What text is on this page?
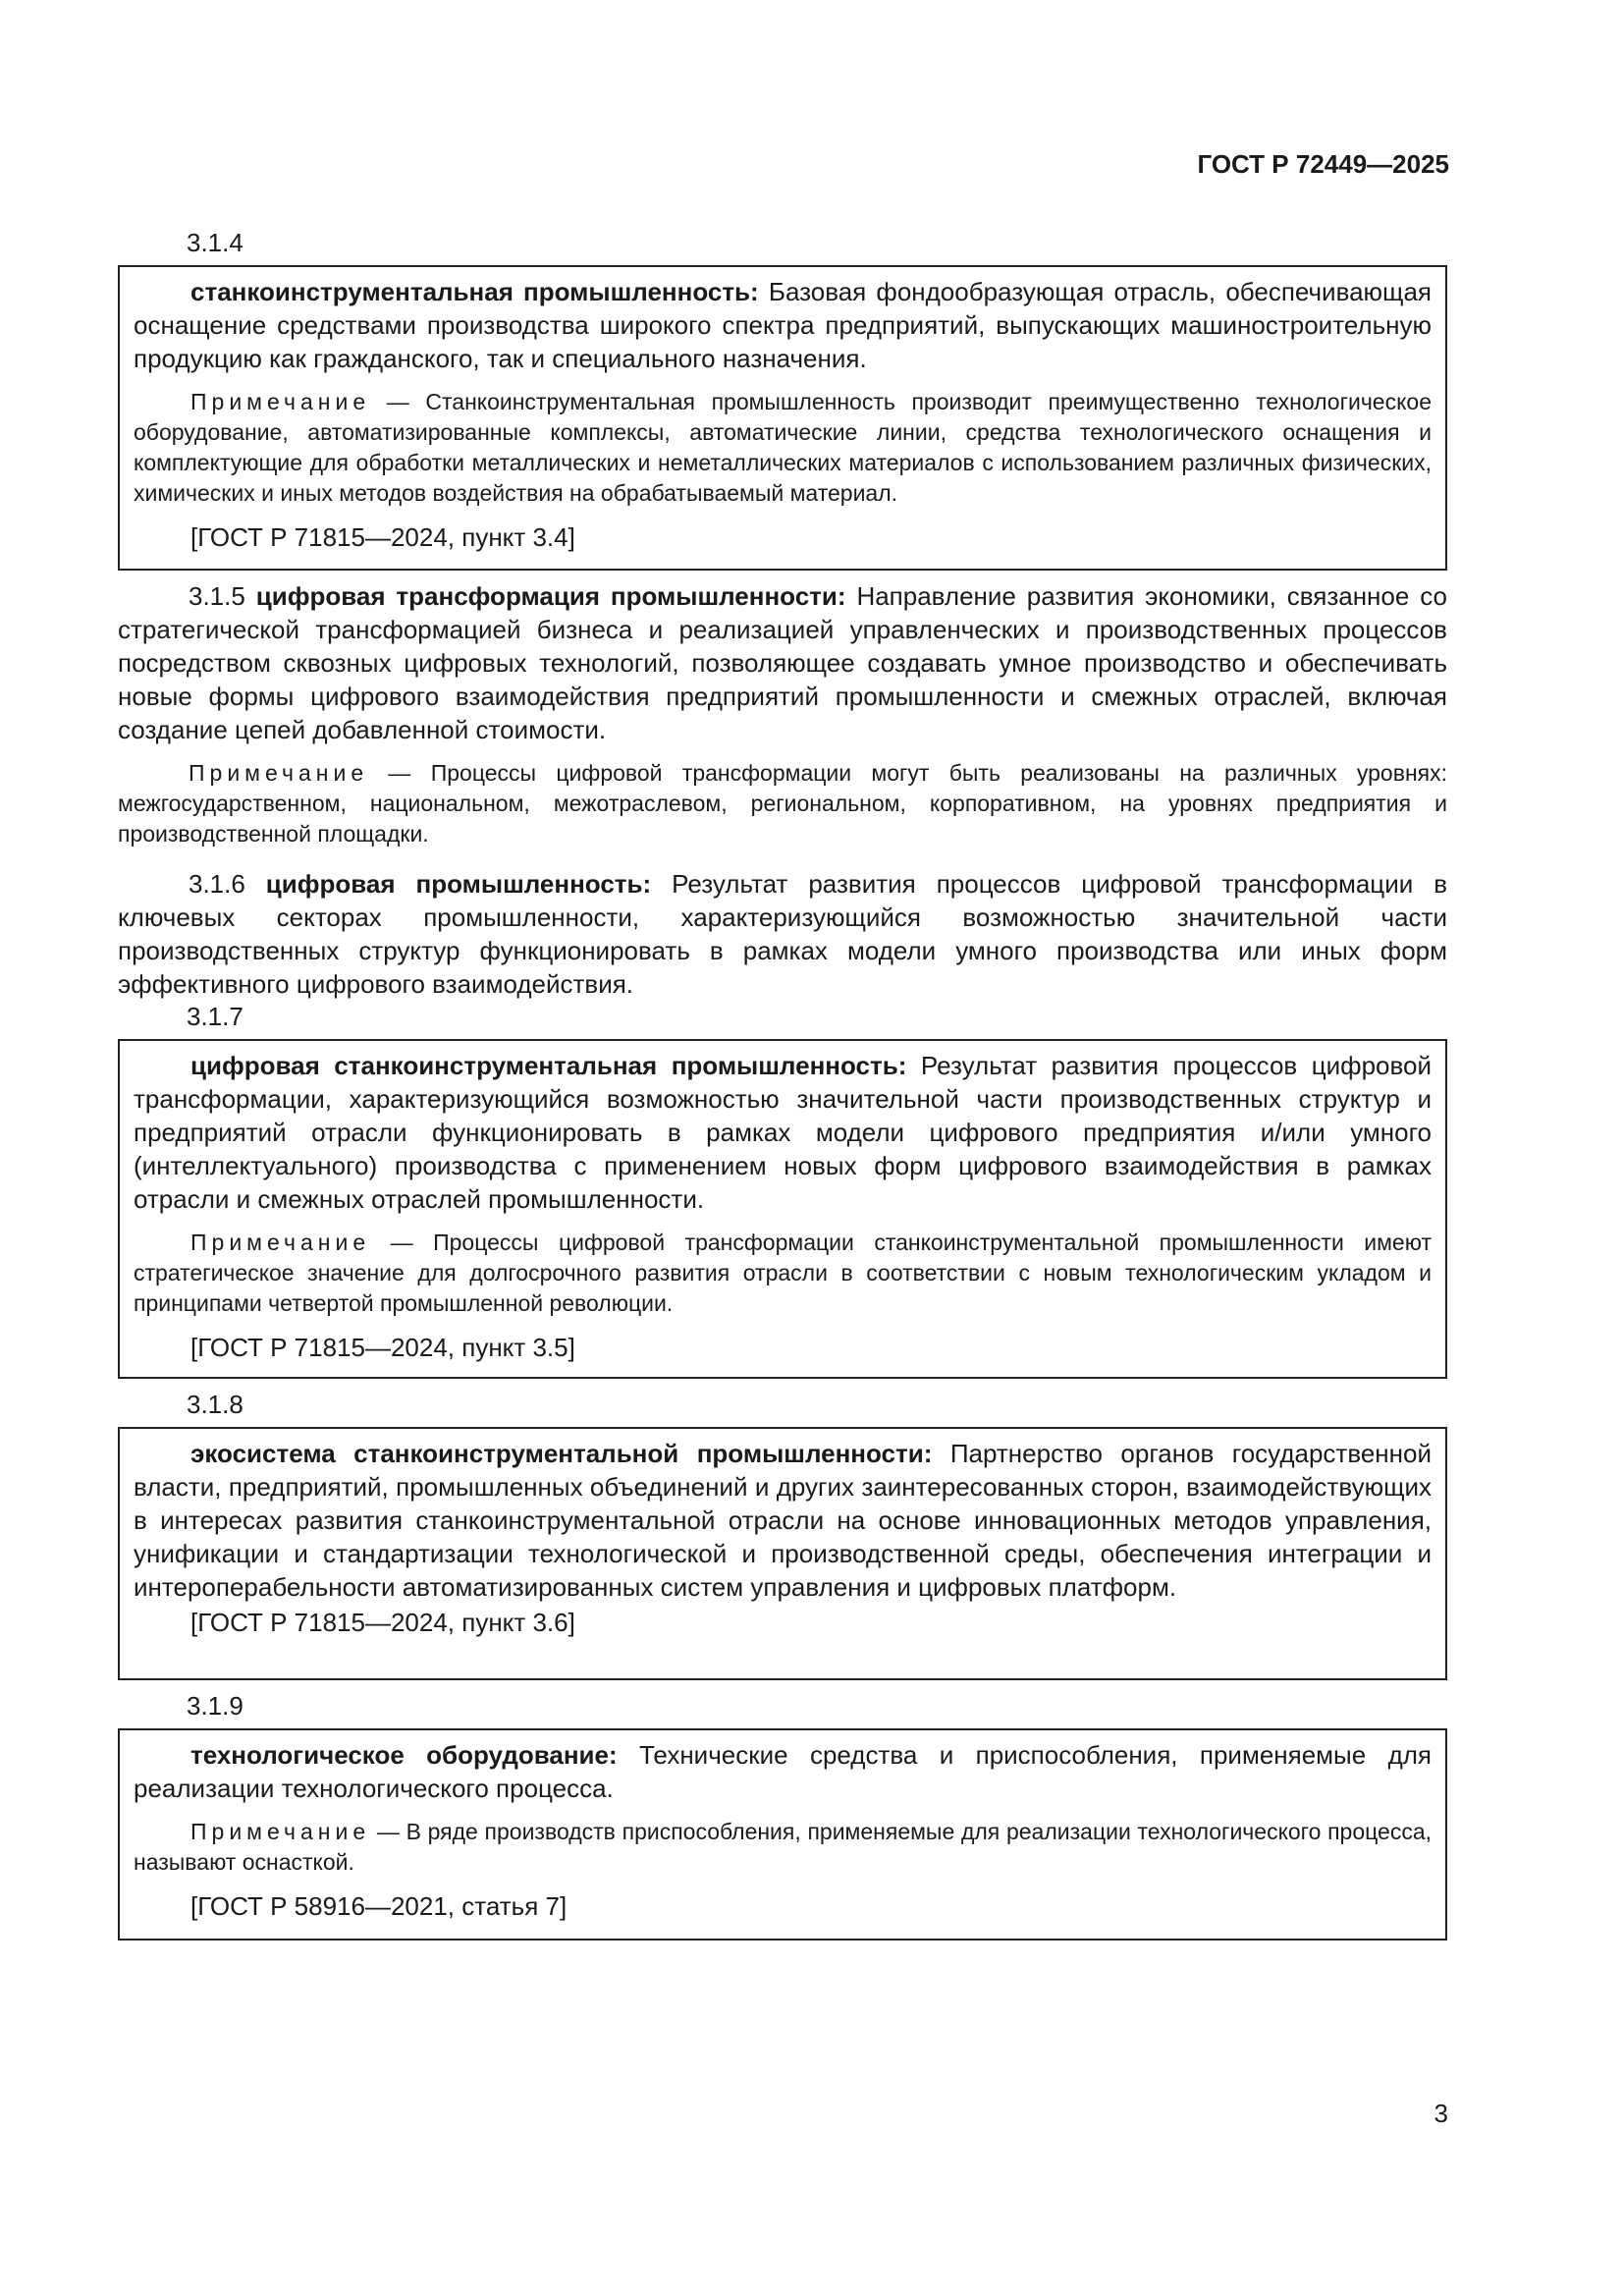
ГОСТ Р 72449—2025
3.1.4
станкоинструментальная промышленность: Базовая фондообразующая отрасль, обеспечивающая оснащение средствами производства широкого спектра предприятий, выпускающих машиностроительную продукцию как гражданского, так и специального назначения.
Примечание — Станкоинструментальная промышленность производит преимущественно технологическое оборудование, автоматизированные комплексы, автоматические линии, средства технологического оснащения и комплектующие для обработки металлических и неметаллических материалов с использованием различных физических, химических и иных методов воздействия на обрабатываемый материал.
[ГОСТ Р 71815—2024, пункт 3.4]
3.1.5 цифровая трансформация промышленности: Направление развития экономики, связанное со стратегической трансформацией бизнеса и реализацией управленческих и производственных процессов посредством сквозных цифровых технологий, позволяющее создавать умное производство и обеспечивать новые формы цифрового взаимодействия предприятий промышленности и смежных отраслей, включая создание цепей добавленной стоимости.
Примечание — Процессы цифровой трансформации могут быть реализованы на различных уровнях: межгосударственном, национальном, межотраслевом, региональном, корпоративном, на уровнях предприятия и производственной площадки.
3.1.6 цифровая промышленность: Результат развития процессов цифровой трансформации в ключевых секторах промышленности, характеризующийся возможностью значительной части производственных структур функционировать в рамках модели умного производства или иных форм эффективного цифрового взаимодействия.
3.1.7
цифровая станкоинструментальная промышленность: Результат развития процессов цифровой трансформации, характеризующийся возможностью значительной части производственных структур и предприятий отрасли функционировать в рамках модели цифрового предприятия и/или умного (интеллектуального) производства с применением новых форм цифрового взаимодействия в рамках отрасли и смежных отраслей промышленности.
Примечание — Процессы цифровой трансформации станкоинструментальной промышленности имеют стратегическое значение для долгосрочного развития отрасли в соответствии с новым технологическим укладом и принципами четвертой промышленной революции.
[ГОСТ Р 71815—2024, пункт 3.5]
3.1.8
экосистема станкоинструментальной промышленности: Партнерство органов государственной власти, предприятий, промышленных объединений и других заинтересованных сторон, взаимодействующих в интересах развития станкоинструментальной отрасли на основе инновационных методов управления, унификации и стандартизации технологической и производственной среды, обеспечения интеграции и интероперабельности автоматизированных систем управления и цифровых платформ.
[ГОСТ Р 71815—2024, пункт 3.6]
3.1.9
технологическое оборудование: Технические средства и приспособления, применяемые для реализации технологического процесса.
Примечание — В ряде производств приспособления, применяемые для реализации технологического процесса, называют оснасткой.
[ГОСТ Р 58916—2021, статья 7]
3
